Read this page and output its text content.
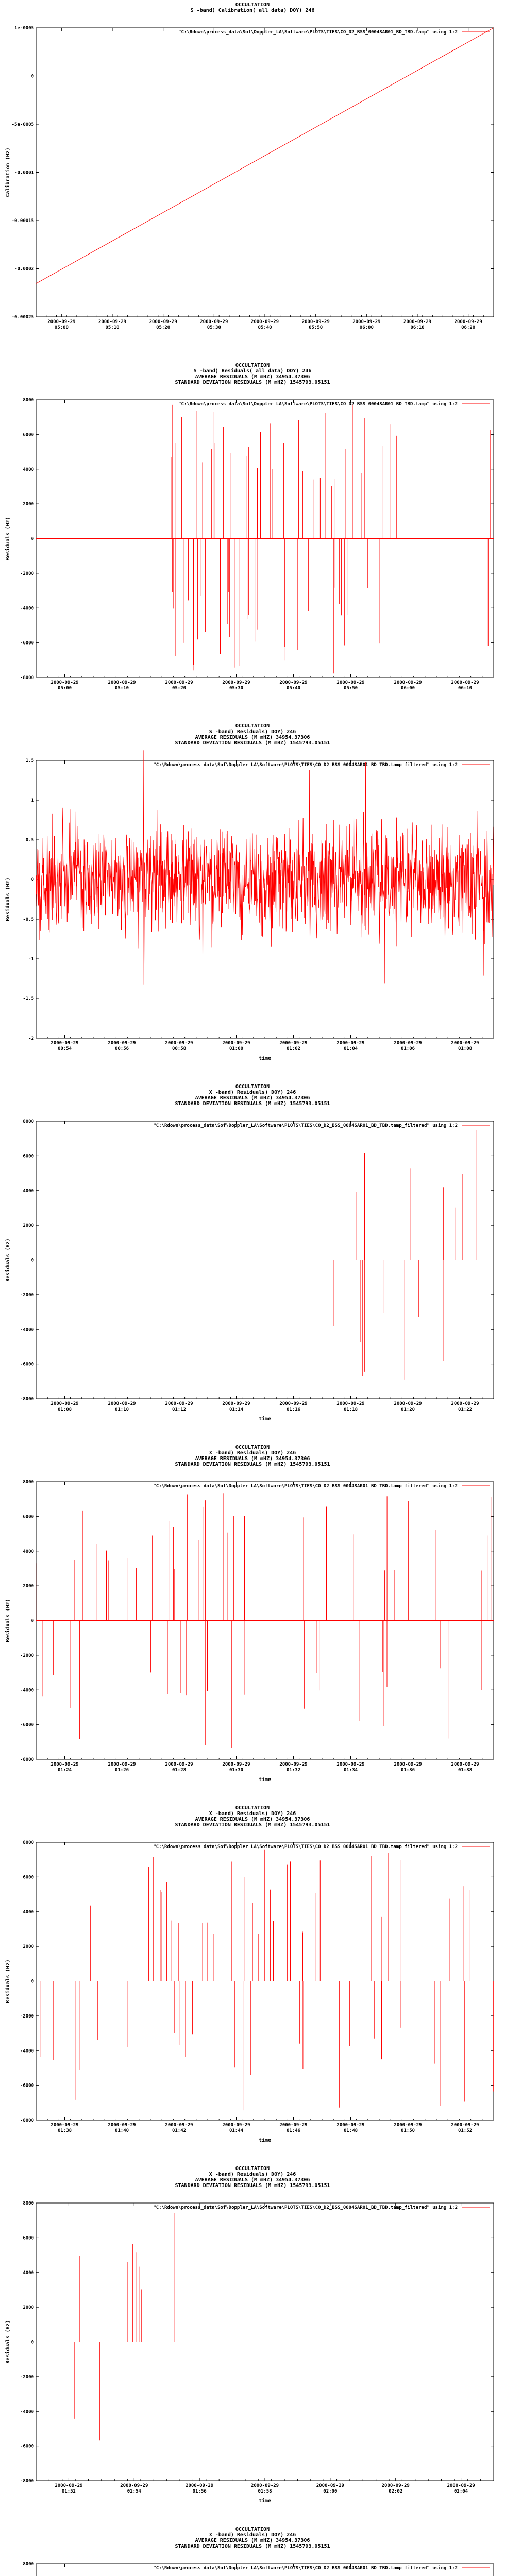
OCCULTATION
S -band) Calibration( all data) DOY) 246
"C:\Rdown\process_data\Sof\Doppler_LA\Software\PLOTS\TIES\CO_D2_BSS_0004SAR01_BD_TBD.tamp" using 1:2
1e-0005
0
-5e-0005
-0.0001
-0.00015
-0.0002
-0.00025
2000-09-29 05:00
2000-09-29 05:10
2000-09-29 05:20
2000-09-29 05:30
2000-09-29 05:40
2000-09-29 05:50
2000-09-29 06:00
2000-09-29 06:10
2000-09-29 06:20
Calibration (Hz)
OCCULTATION
S -band) Residuals( all data) DOY) 246
AVERAGE RESIDUALS (M mHZ) 34954.37306
STANDARD DEVIATION RESIDUALS (M mHZ) 1545793.05151
"C:\Rdown\process_data\Sof\Doppler_LA\Software\PLOTS\TIES\CO_D2_BSS_0004SAR01_BD_TBD.tamp" using 1:2
8000
6000
4000
2000
0
-2000
-4000
-6000
-8000
2000-09-29 05:00
2000-09-29 05:10
2000-09-29 05:20
2000-09-29 05:30
2000-09-29 05:40
2000-09-29 05:50
2000-09-29 06:00
2000-09-29 06:10
Residuals (Hz)
OCCULTATION
S -band) Residuals) DOY) 246
AVERAGE RESIDUALS (M mHZ) 34954.37306
STANDARD DEVIATION RESIDUALS (M mHZ) 1545793.05151
"C:\Rdown\process_data\Sof\Doppler_LA\Software\PLOTS\TIES\CO_D2_BSS_0004SAR01_BD_TBD.tamp_filtered" using 1:2
1.5
1
0.5
0
-0.5
-1
-1.5
-2
2000-09-29 00:54
2000-09-29 00:56
2000-09-29 00:58
2000-09-29 01:00
2000-09-29 01:02
2000-09-29 01:04
2000-09-29 01:06
2000-09-29 01:08
Residuals (Hz)
time
OCCULTATION
X -band) Residuals) DOY) 246
AVERAGE RESIDUALS (M mHZ) 34954.37306
STANDARD DEVIATION RESIDUALS (M mHZ) 1545793.05151
"C:\Rdown\process_data\Sof\Doppler_LA\Software\PLOTS\TIES\CO_D2_BSS_0004SAR01_BD_TBD.tamp_filtered" using 1:2
8000
6000
4000
2000
0
-2000
-4000
-6000
-8000
2000-09-29 01:08
2000-09-29 01:10
2000-09-29 01:12
2000-09-29 01:14
2000-09-29 01:16
2000-09-29 01:18
2000-09-29 01:20
2000-09-29 01:22
Residuals (Hz)
time
OCCULTATION
X -band) Residuals) DOY) 246
AVERAGE RESIDUALS (M mHZ) 34954.37306
STANDARD DEVIATION RESIDUALS (M mHZ) 1545793.05151
"C:\Rdown\process_data\Sof\Doppler_LA\Software\PLOTS\TIES\CO_D2_BSS_0004SAR01_BD_TBD.tamp_filtered" using 1:2
8000
6000
4000
2000
0
-2000
-4000
-6000
-8000
2000-09-29 01:24
2000-09-29 01:26
2000-09-29 01:28
2000-09-29 01:30
2000-09-29 01:32
2000-09-29 01:34
2000-09-29 01:36
2000-09-29 01:38
Residuals (Hz)
time
OCCULTATION
X -band) Residuals) DOY) 246
AVERAGE RESIDUALS (M mHZ) 34954.37306
STANDARD DEVIATION RESIDUALS (M mHZ) 1545793.05151
"C:\Rdown\process_data\Sof\Doppler_LA\Software\PLOTS\TIES\CO_D2_BSS_0004SAR01_BD_TBD.tamp_filtered" using 1:2
8000
6000
4000
2000
0
-2000
-4000
-6000
-8000
2000-09-29 01:38
2000-09-29 01:40
2000-09-29 01:42
2000-09-29 01:44
2000-09-29 01:46
2000-09-29 01:48
2000-09-29 01:50
2000-09-29 01:52
Residuals (Hz)
time
OCCULTATION
X -band) Residuals) DOY) 246
AVERAGE RESIDUALS (M mHZ) 34954.37306
STANDARD DEVIATION RESIDUALS (M mHZ) 1545793.05151
"C:\Rdown\process_data\Sof\Doppler_LA\Software\PLOTS\TIES\CO_D2_BSS_0004SAR01_BD_TBD.tamp_filtered" using 1:2
8000
6000
4000
2000
0
-2000
-4000
-6000
-8000
2000-09-29 01:52
2000-09-29 01:54
2000-09-29 01:56
2000-09-29 01:58
2000-09-29 02:00
2000-09-29 02:02
2000-09-29 02:04
Residuals (Hz)
time
OCCULTATION
X -band) Residuals) DOY) 246
AVERAGE RESIDUALS (M mHZ) 34954.37306
STANDARD DEVIATION RESIDUALS (M mHZ) 1545793.05151
"C:\Rdown\process_data\Sof\Doppler_LA\Software\PLOTS\TIES\CO_D2_BSS_0004SAR01_BD_TBD.tamp_filtered" using 1:2
8000
